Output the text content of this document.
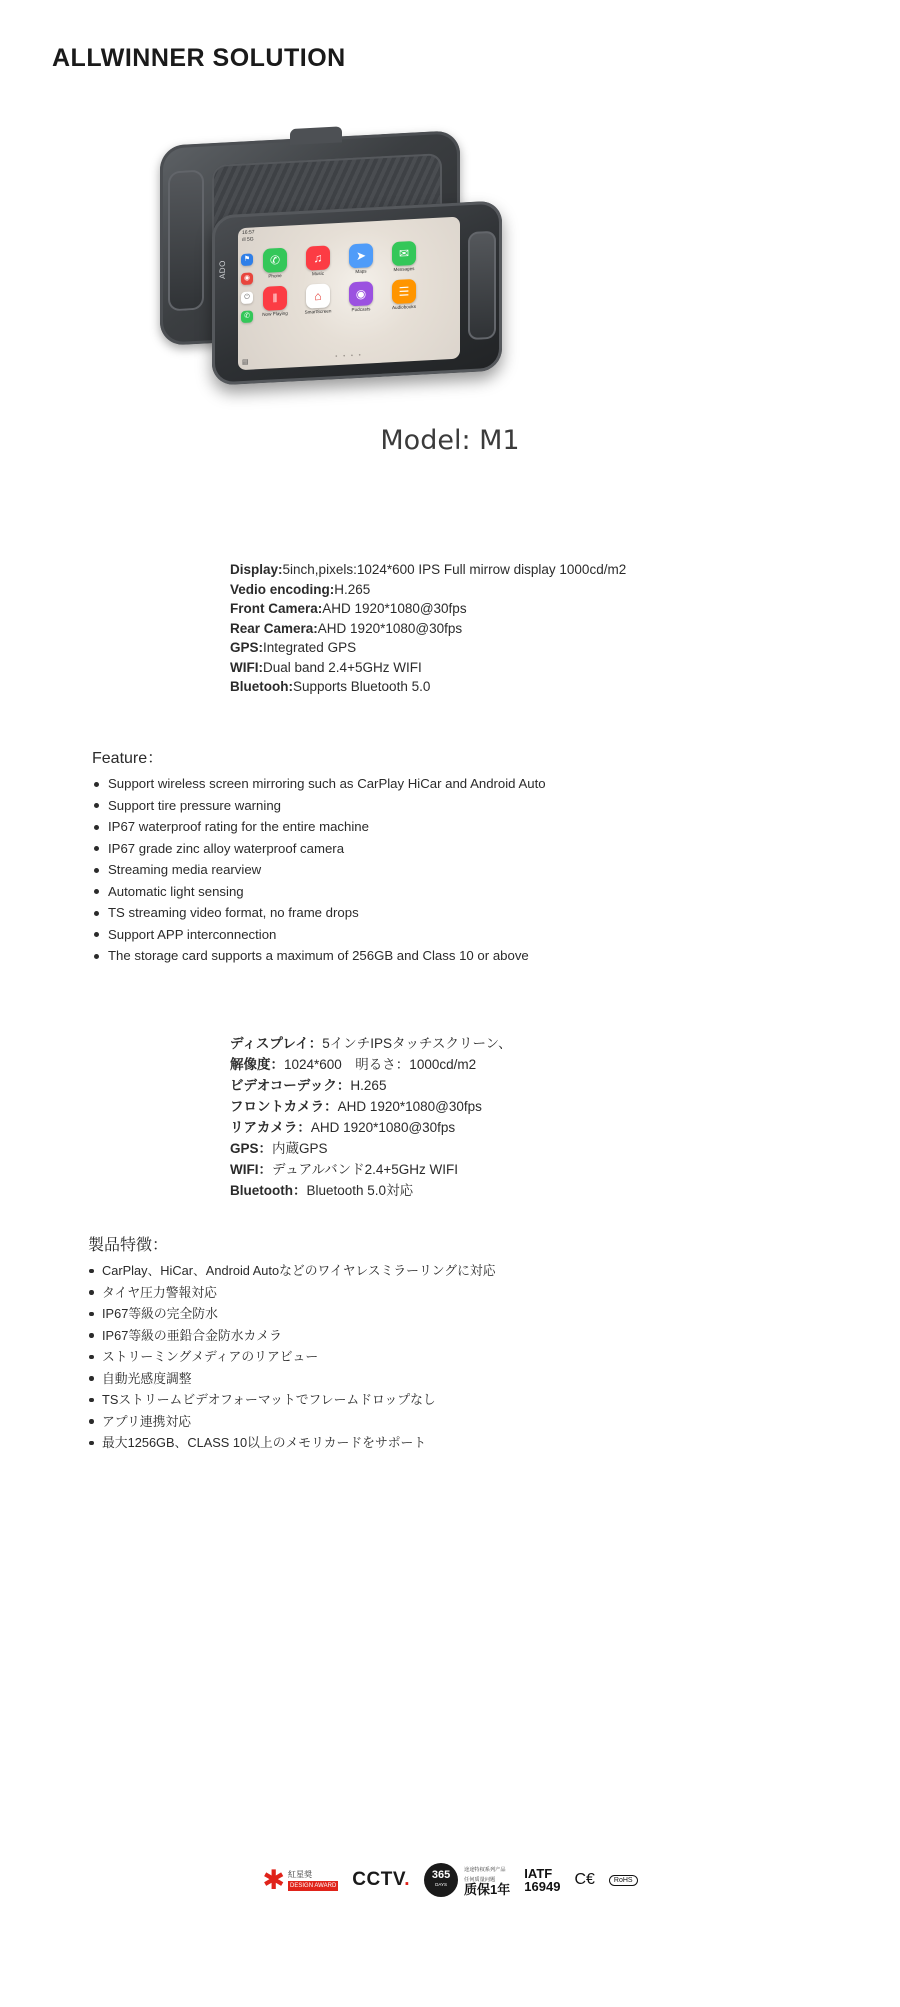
ALLWINNER SOLUTION
ADO
16:57
ıll 5G
⚑
◉
⏻
✆
✆
Phone
♫
Music
➤
Maps
✉
Messages
‖
Now Playing
⌂
SmartScreen
◉
Podcasts
☰
Audiobooks
▤
• • • •
Model: M1
Display:5inch,pixels:1024*600 IPS Full mirrow display 1000cd/m2
Vedio encoding:H.265
Front Camera:AHD 1920*1080@30fps
Rear Camera:AHD 1920*1080@30fps
GPS:Integrated GPS
WIFI:Dual band 2.4+5GHz WIFI
Bluetooh:Supports Bluetooth 5.0
Feature：
Support wireless screen mirroring such as CarPlay HiCar and Android Auto
Support tire pressure warning
IP67 waterproof rating for the entire machine
IP67 grade zinc alloy waterproof camera
Streaming media rearview
Automatic light sensing
TS streaming video format, no frame drops
Support APP interconnection
The storage card supports a maximum of 256GB and Class 10 or above
ディスプレイ：5インチIPSタッチスクリーン、
解像度：1024*600　明るさ：1000cd/m2
ビデオコーデック：H.265
フロントカメラ：AHD 1920*1080@30fps
リアカメラ：AHD 1920*1080@30fps
GPS：内蔵GPS
WIFI：デュアルバンド2.4+5GHz WIFI
Bluetooth：Bluetooth 5.0対応
製品特徴：
CarPlay、HiCar、Android Autoなどのワイヤレスミラーリングに対応
タイヤ圧力警報対応
IP67等級の完全防水
IP67等級の亜鉛合金防水カメラ
ストリーミングメディアのリアビュー
自動光感度調整
TSストリームビデオフォーマットでフレームドロップなし
アプリ連携対応
最大1256GB、CLASS 10以上のメモリカードをサポート
✱ 紅星奨
DESIGN AWARD CCTV. 365
DAYS
途途特权系列产品
任何质量问题
质保1年
IATF
16949 C€	RoHS
